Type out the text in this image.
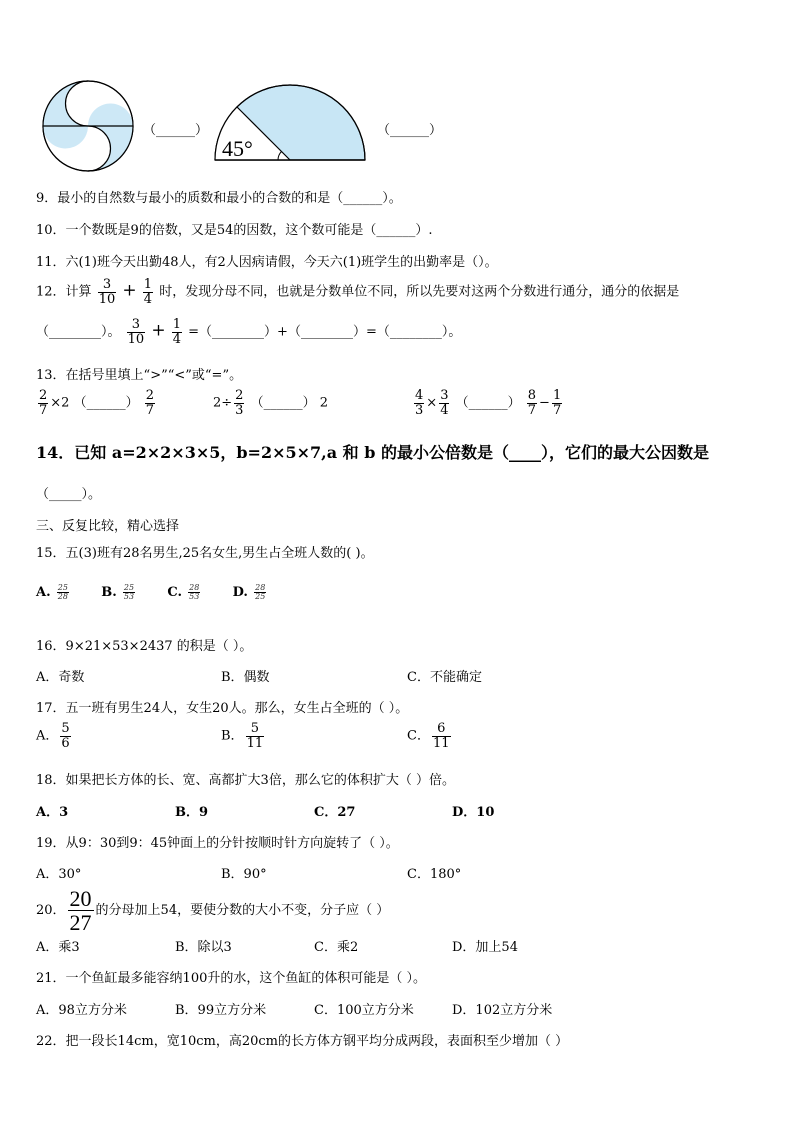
（______）
45°
（______）
9．最小的自然数与最小的质数和最小的合数的和是（______）。
10．一个数既是9的倍数，又是54的因数，这个数可能是（______）.
11．六(1)班今天出勤48人，有2人因病请假，今天六(1)班学生的出勤率是（）。
12．计算 $\frac{3}{10} + \frac{1}{4}$ 时，发现分母不同，也就是分数单位不同，所以先要对这两个分数进行通分，通分的依据是
（________）。 $\frac{3}{10} + \frac{1}{4}$ =（________）+（________）=（________）。
13．在括号里填上“>”“<”或“=”。
$\frac{2}{7} \times 2$ （______） $\frac{2}{7}$	$2\div \frac{2}{3}$ （______） 2	$\frac{4}{3} \times \frac{3}{4}$ （______） $\frac{8}{7} - \frac{1}{7}$
14．已知 a=2×2×3×5，b=2×5×7,a 和 b 的最小公倍数是（____），它们的最大公因数是
（_____）。
三、反复比较，精心选择
15．五(3)班有28名男生,25名女生,男生占全班人数的( )。
A. $\frac{25}{28} B$. $\frac{25}{53} C$. $\frac{28}{53} D$. $\frac{28}{25}$
16．9×21×53×2437 的积是（ ）。
A．奇数	B．偶数	C．不能确定
17．五一班有男生24人，女生20人。那么，女生占全班的（ ）。
A． $\frac{5}{6}$	B． $\frac{5}{11}$	C． $\frac{6}{11}$
18．如果把长方体的长、宽、高都扩大3倍，那么它的体积扩大（ ）倍。
A．3	B．9	C．27	D．10
19．从9：30到9：45钟面上的分针按顺时针方向旋转了（ ）。
A．30°	B．90°	C．180°
20． $\frac{20}{27}$ 的分母加上54，要使分数的大小不变，分子应（ ）
A．乘3	B．除以3	C．乘2	D．加上54
21．一个鱼缸最多能容纳100升的水，这个鱼缸的体积可能是（ ）。
A．98立方分米	B．99立方分米	C．100立方分米	D．102立方分米
22．把一段长14cm，宽10cm，高20cm的长方体方钢平均分成两段，表面积至少增加（ ）
